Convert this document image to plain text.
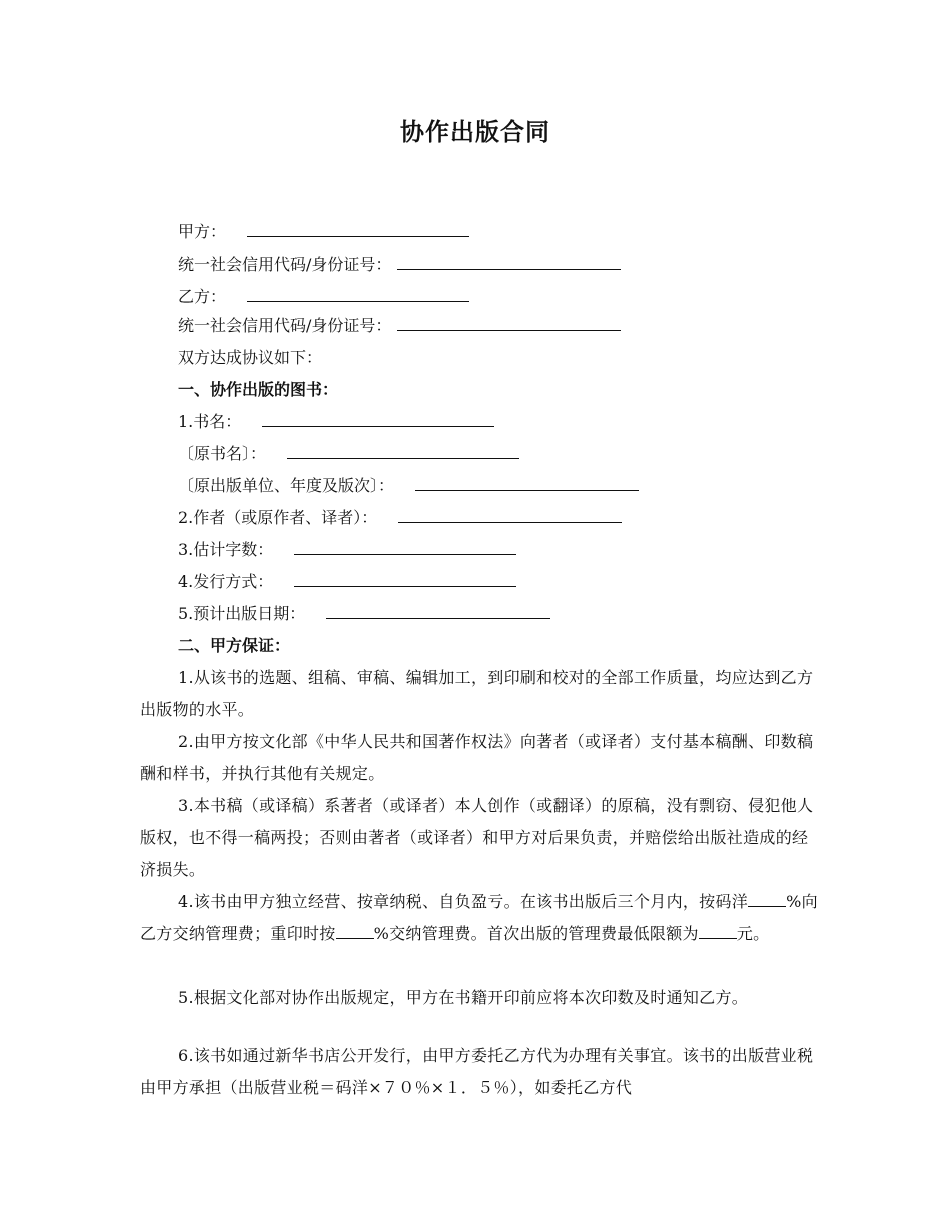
协作出版合同
甲方：
统一社会信用代码/身份证号：
乙方：
统一社会信用代码/身份证号：
双方达成协议如下：
一、协作出版的图书：
1.书名：
〔原书名〕：
〔原出版单位、年度及版次〕：
2.作者（或原作者、译者）：
3.估计字数：
4.发行方式：
5.预计出版日期：
二、甲方保证：
1.从该书的选题、组稿、审稿、编辑加工，到印刷和校对的全部工作质量，均应达到乙方出版物的水平。
2.由甲方按文化部《中华人民共和国著作权法》向著者（或译者）支付基本稿酬、印数稿酬和样书，并执行其他有关规定。
3.本书稿（或译稿）系著者（或译者）本人创作（或翻译）的原稿，没有剽窃、侵犯他人版权，也不得一稿两投；否则由著者（或译者）和甲方对后果负责，并赔偿给出版社造成的经济损失。
4.该书由甲方独立经营、按章纳税、自负盈亏。在该书出版后三个月内，按码洋 %向乙方交纳管理费；重印时按 %交纳管理费。首次出版的管理费最低限额为 元。
5.根据文化部对协作出版规定，甲方在书籍开印前应将本次印数及时通知乙方。
6.该书如通过新华书店公开发行，由甲方委托乙方代为办理有关事宜。该书的出版营业税由甲方承担（出版营业税＝码洋×７０％×１．５％），如委托乙方代
